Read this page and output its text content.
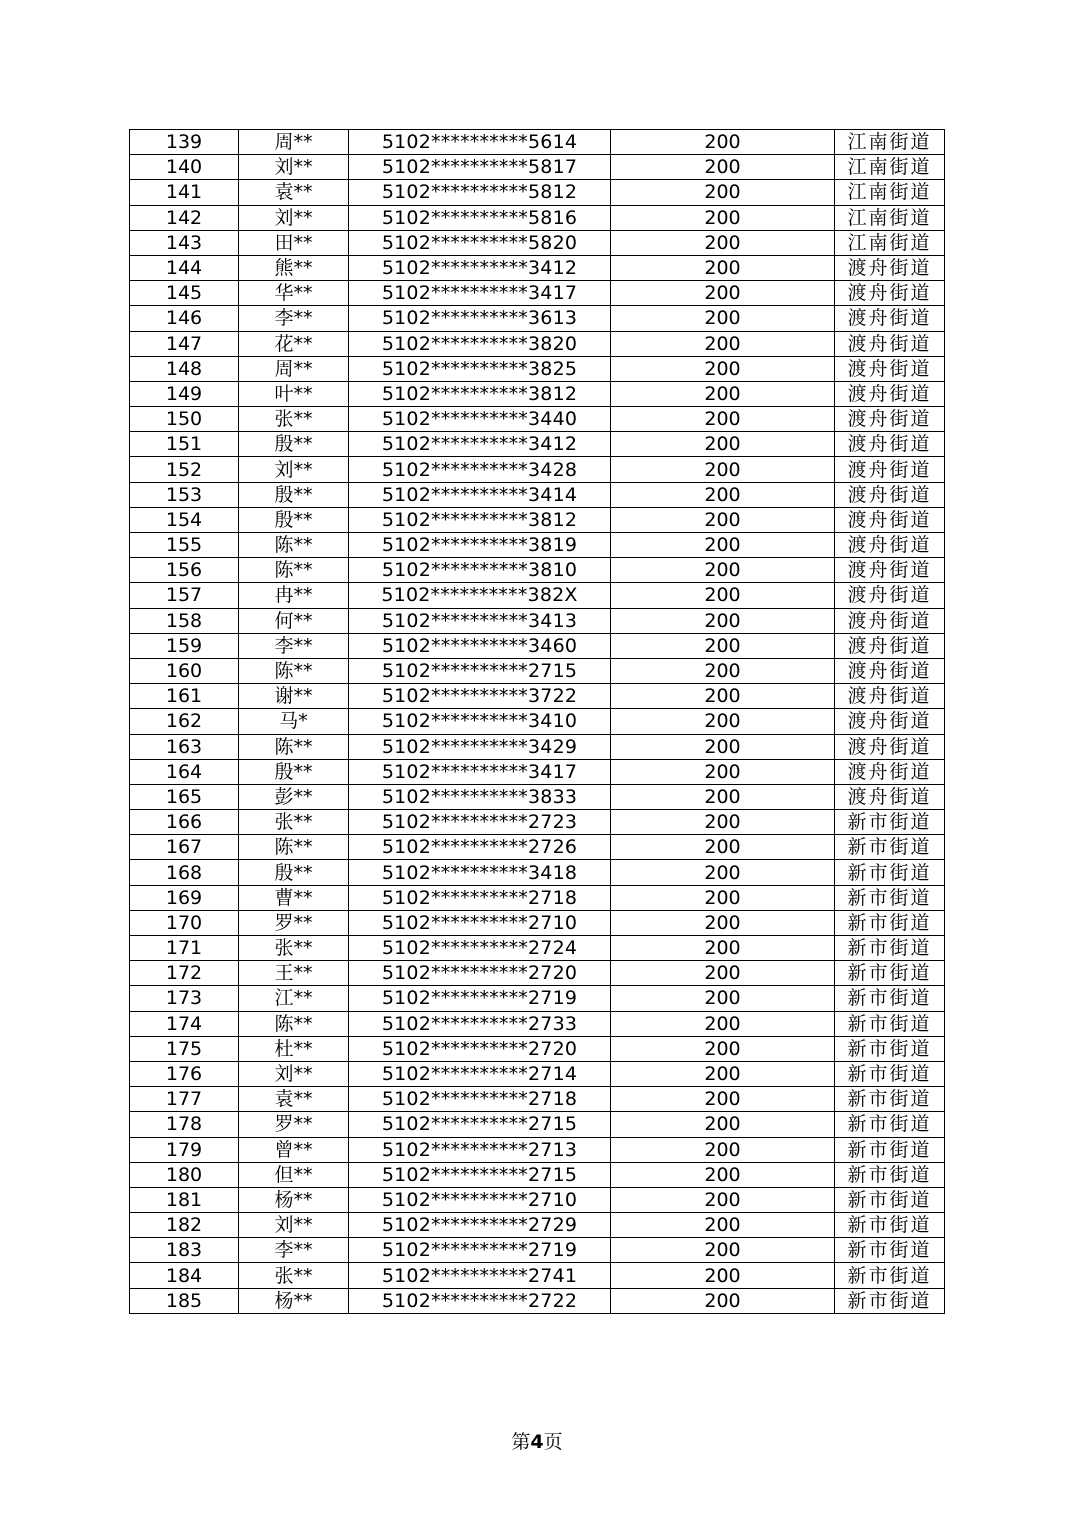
139	周**	5102**********5614	200	江南街道
140	刘**	5102**********5817	200	江南街道
141	袁**	5102**********5812	200	江南街道
142	刘**	5102**********5816	200	江南街道
143	田**	5102**********5820	200	江南街道
144	熊**	5102**********3412	200	渡舟街道
145	华**	5102**********3417	200	渡舟街道
146	李**	5102**********3613	200	渡舟街道
147	花**	5102**********3820	200	渡舟街道
148	周**	5102**********3825	200	渡舟街道
149	叶**	5102**********3812	200	渡舟街道
150	张**	5102**********3440	200	渡舟街道
151	殷**	5102**********3412	200	渡舟街道
152	刘**	5102**********3428	200	渡舟街道
153	殷**	5102**********3414	200	渡舟街道
154	殷**	5102**********3812	200	渡舟街道
155	陈**	5102**********3819	200	渡舟街道
156	陈**	5102**********3810	200	渡舟街道
157	冉**	5102**********382X	200	渡舟街道
158	何**	5102**********3413	200	渡舟街道
159	李**	5102**********3460	200	渡舟街道
160	陈**	5102**********2715	200	渡舟街道
161	谢**	5102**********3722	200	渡舟街道
162	马*	5102**********3410	200	渡舟街道
163	陈**	5102**********3429	200	渡舟街道
164	殷**	5102**********3417	200	渡舟街道
165	彭**	5102**********3833	200	渡舟街道
166	张**	5102**********2723	200	新市街道
167	陈**	5102**********2726	200	新市街道
168	殷**	5102**********3418	200	新市街道
169	曹**	5102**********2718	200	新市街道
170	罗**	5102**********2710	200	新市街道
171	张**	5102**********2724	200	新市街道
172	王**	5102**********2720	200	新市街道
173	江**	5102**********2719	200	新市街道
174	陈**	5102**********2733	200	新市街道
175	杜**	5102**********2720	200	新市街道
176	刘**	5102**********2714	200	新市街道
177	袁**	5102**********2718	200	新市街道
178	罗**	5102**********2715	200	新市街道
179	曾**	5102**********2713	200	新市街道
180	但**	5102**********2715	200	新市街道
181	杨**	5102**********2710	200	新市街道
182	刘**	5102**********2729	200	新市街道
183	李**	5102**********2719	200	新市街道
184	张**	5102**********2741	200	新市街道
185	杨**	5102**********2722	200	新市街道
第4页
